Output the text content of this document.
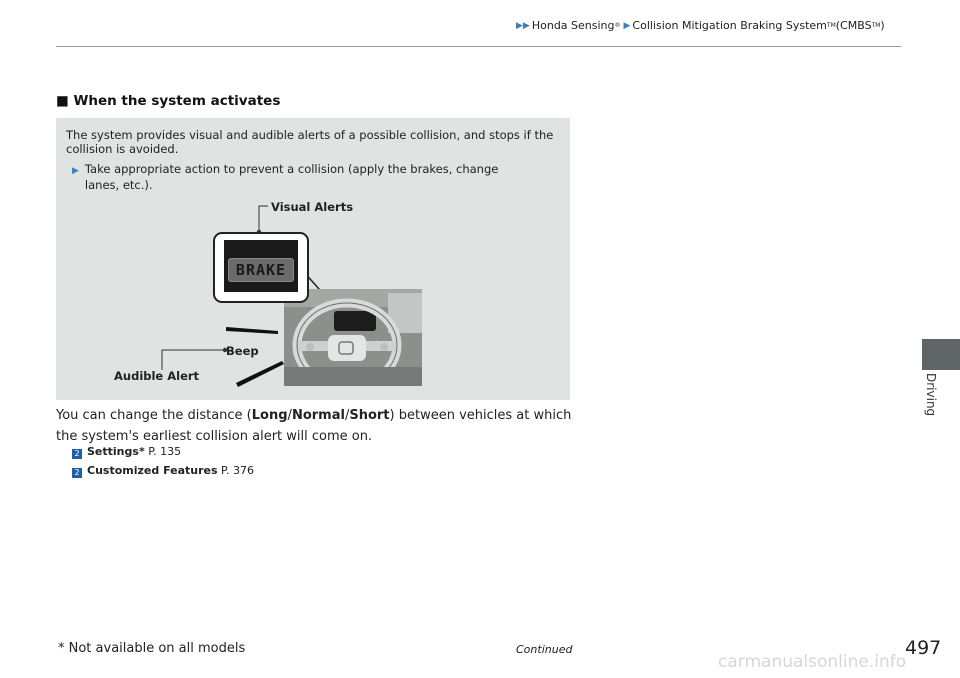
▶▶ Honda Sensing ® ▶ Collision Mitigation Braking System TM (CMBS TM )
Driving
■ When the system activates
The system provides visual and audible alerts of a possible collision, and stops if the collision is avoided.
▶ Take appropriate action to prevent a collision (apply the brakes, change lanes, etc.).
Visual Alerts
Beep
Audible Alert
BRAKE
You can change the distance (Long/Normal/Short) between vehicles at which the system's earliest collision alert will come on.
2 Settings* P. 135
2 Customized Features P. 376
* Not available on all models	Continued	497
carmanualsonline.info
